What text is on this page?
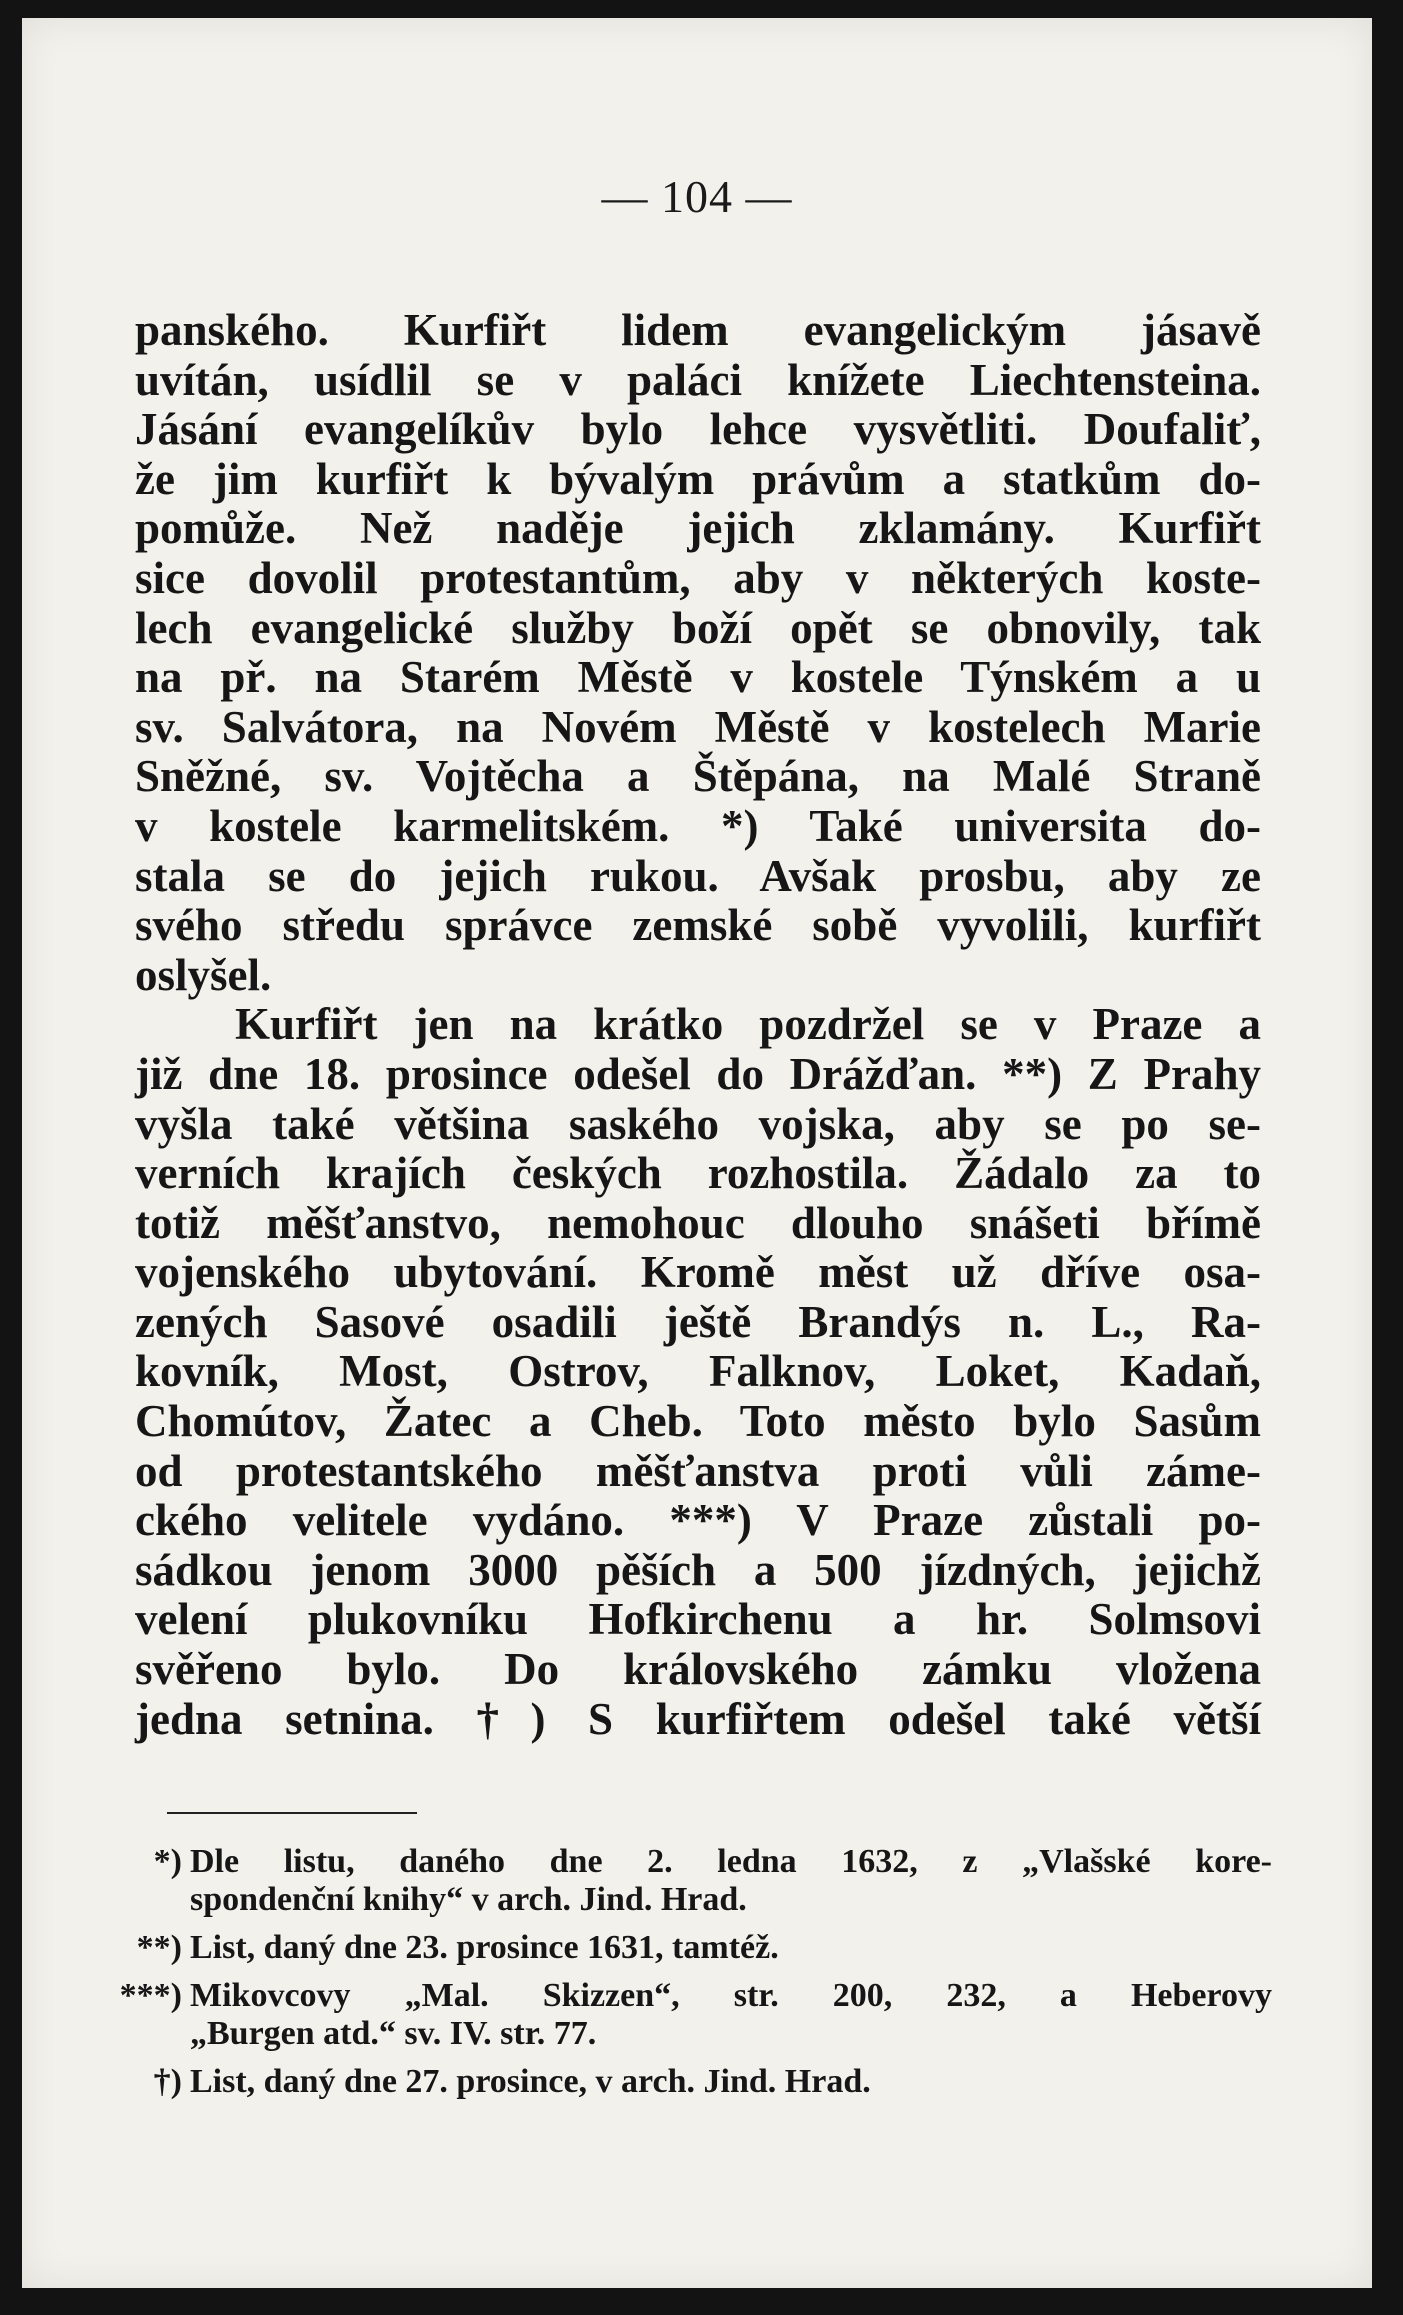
— 104 —
panského. Kurfiřt lidem evangelickým jásavě
uvítán, usídlil se v paláci knížete Liechtensteina.
Jásání evangelíkův bylo lehce vysvětliti. Doufaliť,
že jim kurfiřt k bývalým právům a statkům do-
pomůže. Než naděje jejich zklamány. Kurfiřt
sice dovolil protestantům, aby v některých koste-
lech evangelické služby boží opět se obnovily, tak
na př. na Starém Městě v kostele Týnském a u
sv. Salvátora, na Novém Městě v kostelech Marie
Sněžné, sv. Vojtěcha a Štěpána, na Malé Straně
v kostele karmelitském. *) Také universita do-
stala se do jejich rukou. Avšak prosbu, aby ze
svého středu správce zemské sobě vyvolili, kurfiřt
oslyšel.
Kurfiřt jen na krátko pozdržel se v Praze a
již dne 18. prosince odešel do Drážďan. **) Z Prahy
vyšla také většina saského vojska, aby se po se-
verních krajích českých rozhostila. Žádalo za to
totiž měšťanstvo, nemohouc dlouho snášeti břímě
vojenského ubytování. Kromě měst už dříve osa-
zených Sasové osadili ještě Brandýs n. L., Ra-
kovník, Most, Ostrov, Falknov, Loket, Kadaň,
Chomútov, Žatec a Cheb. Toto město bylo Sasům
od protestantského měšťanstva proti vůli záme-
ckého velitele vydáno. ***) V Praze zůstali po-
sádkou jenom 3000 pěších a 500 jízdných, jejichž
velení plukovníku Hofkirchenu a hr. Solmsovi
svěřeno bylo. Do královského zámku vložena
jedna setnina. †) S kurfiřtem odešel také větší
*) Dle listu, daného dne 2. ledna 1632, z „Vlašské kore-
spondenční knihy“ v arch. Jind. Hrad.
**) List, daný dne 23. prosince 1631, tamtéž.
***) Mikovcovy „Mal. Skizzen“, str. 200, 232, a Heberovy
„Burgen atd.“ sv. IV. str. 77.
†) List, daný dne 27. prosince, v arch. Jind. Hrad.
